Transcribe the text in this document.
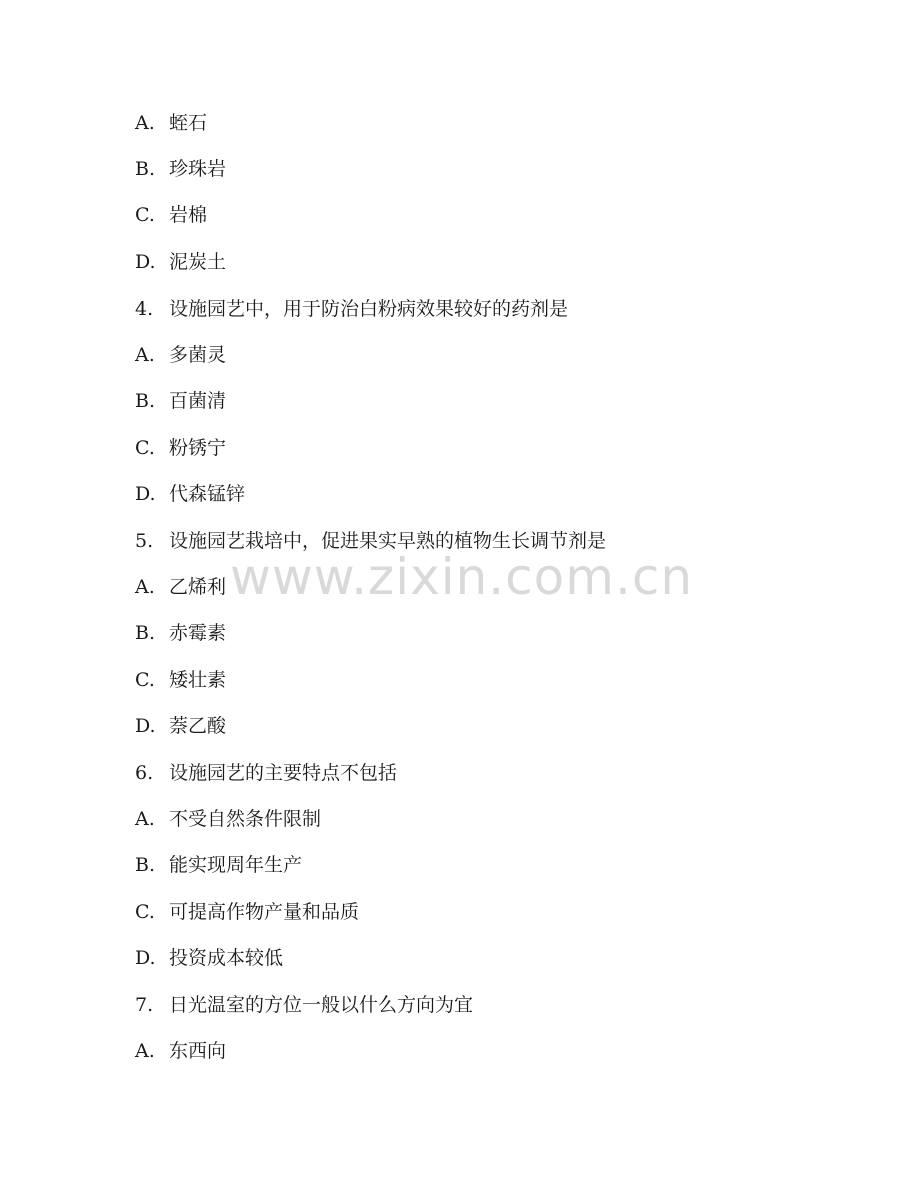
A. 蛭石
B. 珍珠岩
C. 岩棉
D. 泥炭土
4. 设施园艺中，用于防治白粉病效果较好的药剂是
A. 多菌灵
B. 百菌清
C. 粉锈宁
D. 代森锰锌
5. 设施园艺栽培中，促进果实早熟的植物生长调节剂是
A. 乙烯利
B. 赤霉素
C. 矮壮素
D. 萘乙酸
6. 设施园艺的主要特点不包括
A. 不受自然条件限制
B. 能实现周年生产
C. 可提高作物产量和品质
D. 投资成本较低
7. 日光温室的方位一般以什么方向为宜
A. 东西向
www.zixin.com.cn
